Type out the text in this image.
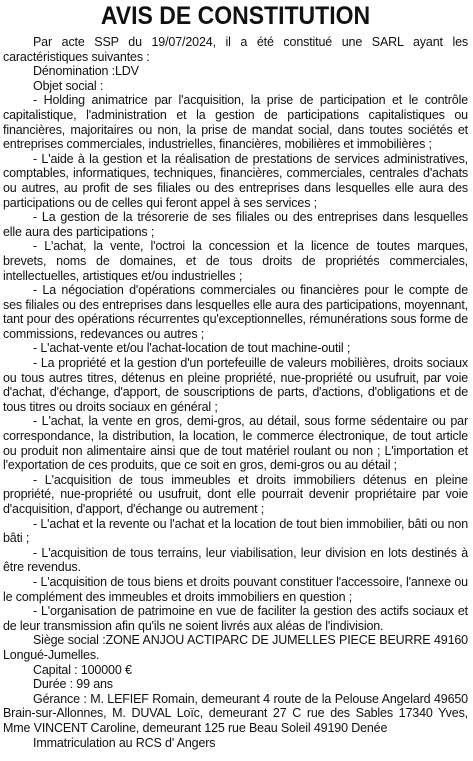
AVIS DE CONSTITUTION

Par acte SSP du 19/07/2024, il a été constitué une SARL ayant les caractéristiques suivantes :

Dénomination :LDV

Objet social :

- Holding animatrice par l'acquisition, la prise de participation et le contrôle capitalistique, l'administration et la gestion de participations capitalistiques ou financières, majoritaires ou non, la prise de mandat social, dans toutes sociétés et entreprises commerciales, industrielles, financières, mobilières et immobilières ;

- L'aide à la gestion et la réalisation de prestations de services administratives, comptables, informatiques, techniques, financières, commerciales, centrales d'achats ou autres, au profit de ses filiales ou des entreprises dans lesquelles elle aura des participations ou de celles qui feront appel à ses services ;

- La gestion de la trésorerie de ses filiales ou des entreprises dans lesquelles elle aura des participations ;

- L'achat, la vente, l'octroi la concession et la licence de toutes marques, brevets, noms de domaines, et de tous droits de propriétés commerciales, intellectuelles, artistiques et/ou industrielles ;

- La négociation d'opérations commerciales ou financières pour le compte de ses filiales ou des entreprises dans lesquelles elle aura des participations, moyennant, tant pour des opérations récurrentes qu'exceptionnelles, rémunérations sous forme de commissions, redevances ou autres ;

- L'achat-vente et/ou l'achat-location de tout machine-outil ;

- La propriété et la gestion d'un portefeuille de valeurs mobilières, droits sociaux ou tous autres titres, détenus en pleine propriété, nue-propriété ou usufruit, par voie d'achat, d'échange, d'apport, de souscriptions de parts, d'actions, d'obligations et de tous titres ou droits sociaux en général ;

- L'achat, la vente en gros, demi-gros, au détail, sous forme sédentaire ou par correspondance, la distribution, la location, le commerce électronique, de tout article ou produit non alimentaire ainsi que de tout matériel roulant ou non ; L'importation et l'exportation de ces produits, que ce soit en gros, demi-gros ou au détail ;

- L'acquisition de tous immeubles et droits immobiliers détenus en pleine propriété, nue-propriété ou usufruit, dont elle pourrait devenir propriétaire par voie d'acquisition, d'apport, d'échange ou autrement ;

- L'achat et la revente ou l'achat et la location de tout bien immobilier, bâti ou non bâti ;

- L'acquisition de tous terrains, leur viabilisation, leur division en lots destinés à être revendus.

- L'acquisition de tous biens et droits pouvant constituer l'accessoire, l'annexe ou le complément des immeubles et droits immobiliers en question ;

- L'organisation de patrimoine en vue de faciliter la gestion des actifs sociaux et de leur transmission afin qu'ils ne soient livrés aux aléas de l'indivision.

Siège social :ZONE ANJOU ACTIPARC DE JUMELLES PIECE BEURRE 49160 Longué-Jumelles.

Capital : 100000 €

Durée : 99 ans

Gérance : M. LEFIEF Romain, demeurant 4 route de la Pelouse Angelard 49650 Brain-sur-Allonnes, M. DUVAL Loïc, demeurant 27 C rue des Sables 17340 Yves, Mme VINCENT Caroline, demeurant 125 rue Beau Soleil 49190 Denée

Immatriculation au RCS d' Angers
